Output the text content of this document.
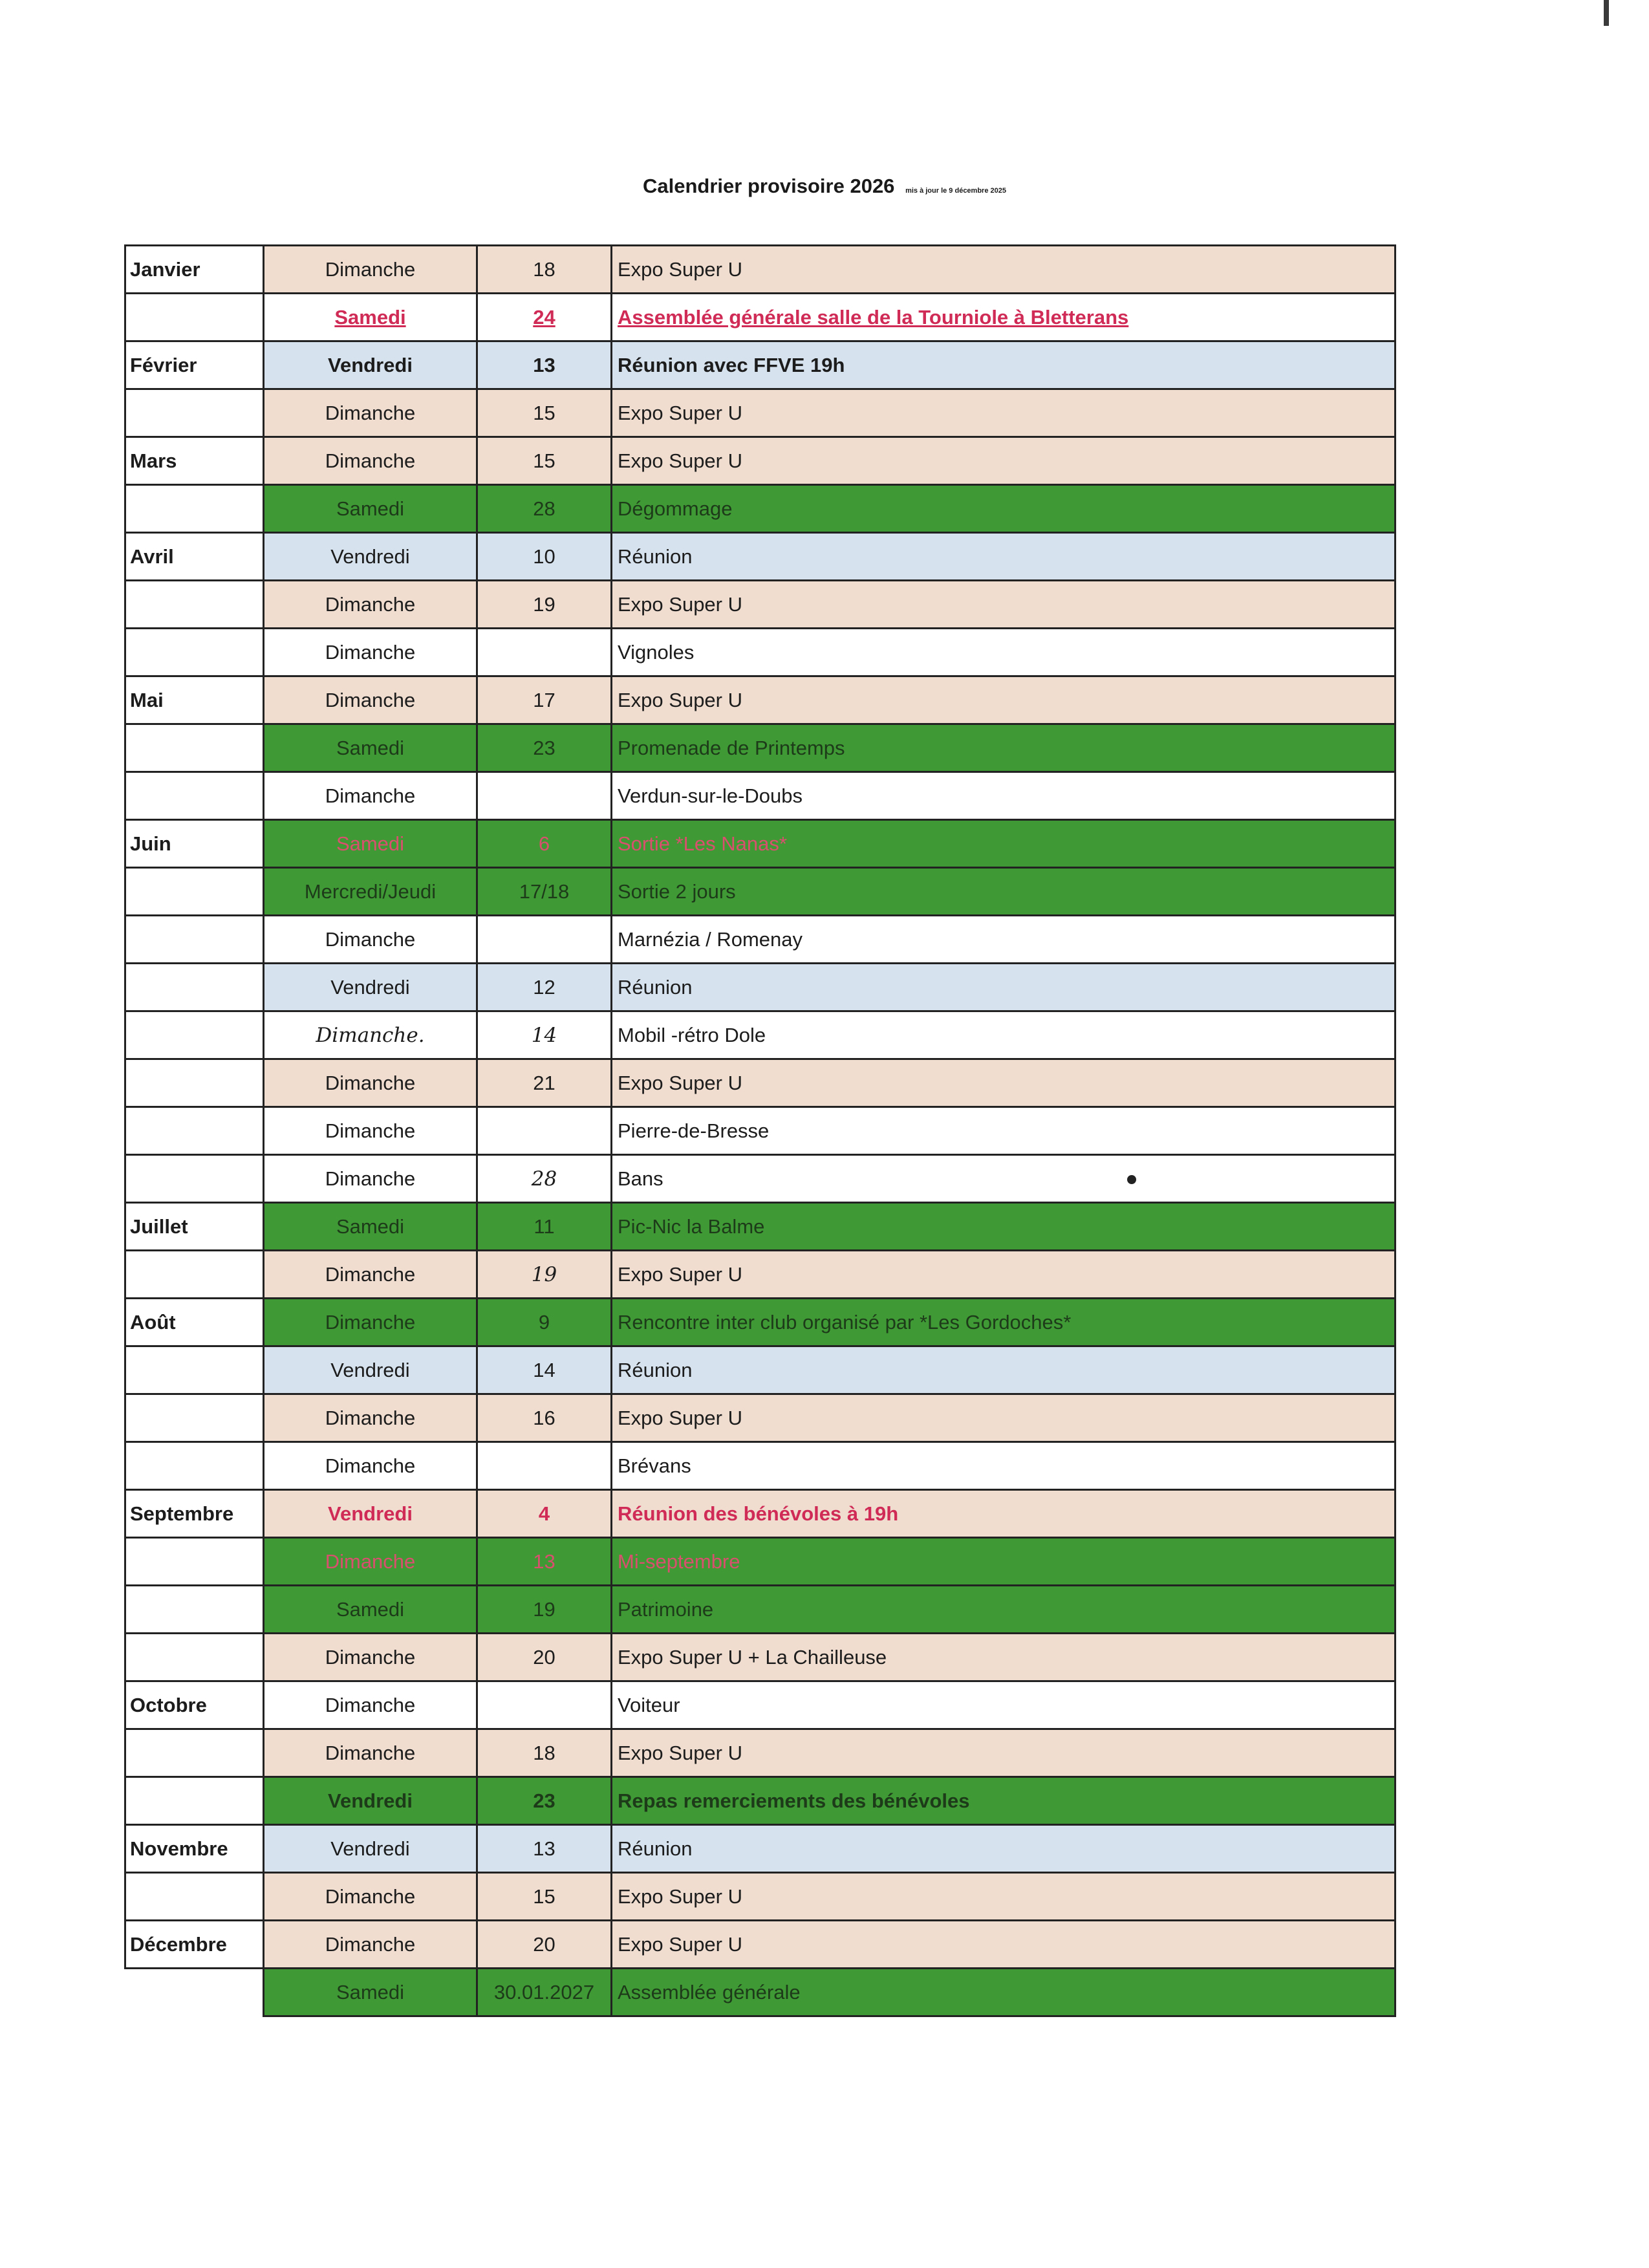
Calendrier provisoire 2026 mis à jour le 9 décembre 2025
Janvier	Dimanche	18	Expo Super U
	Samedi	24	Assemblée générale salle de la Tourniole à Bletterans
Février	Vendredi	13	Réunion avec FFVE 19h
	Dimanche	15	Expo Super U
Mars	Dimanche	15	Expo Super U
	Samedi	28	Dégommage
Avril	Vendredi	10	Réunion
	Dimanche	19	Expo Super U
	Dimanche		Vignoles
Mai	Dimanche	17	Expo Super U
	Samedi	23	Promenade de Printemps
	Dimanche		Verdun-sur-le-Doubs
Juin	Samedi	6	Sortie *Les Nanas*
	Mercredi/Jeudi	17/18	Sortie 2 jours
	Dimanche		Marnézia / Romenay
	Vendredi	12	Réunion
	Dimanche.	14	Mobil -rétro Dole
	Dimanche	21	Expo Super U
	Dimanche		Pierre-de-Bresse
	Dimanche	28	Bans
Juillet	Samedi	11	Pic-Nic la Balme
	Dimanche	19	Expo Super U
Août	Dimanche	9	Rencontre inter club organisé par *Les Gordoches*
	Vendredi	14	Réunion
	Dimanche	16	Expo Super U
	Dimanche		Brévans
Septembre	Vendredi	4	Réunion des bénévoles à 19h
	Dimanche	13	Mi-septembre
	Samedi	19	Patrimoine
	Dimanche	20	Expo Super U + La Chailleuse
Octobre	Dimanche		Voiteur
	Dimanche	18	Expo Super U
	Vendredi	23	Repas remerciements des bénévoles
Novembre	Vendredi	13	Réunion
	Dimanche	15	Expo Super U
Décembre	Dimanche	20	Expo Super U
	Samedi	30.01.2027	Assemblée générale
